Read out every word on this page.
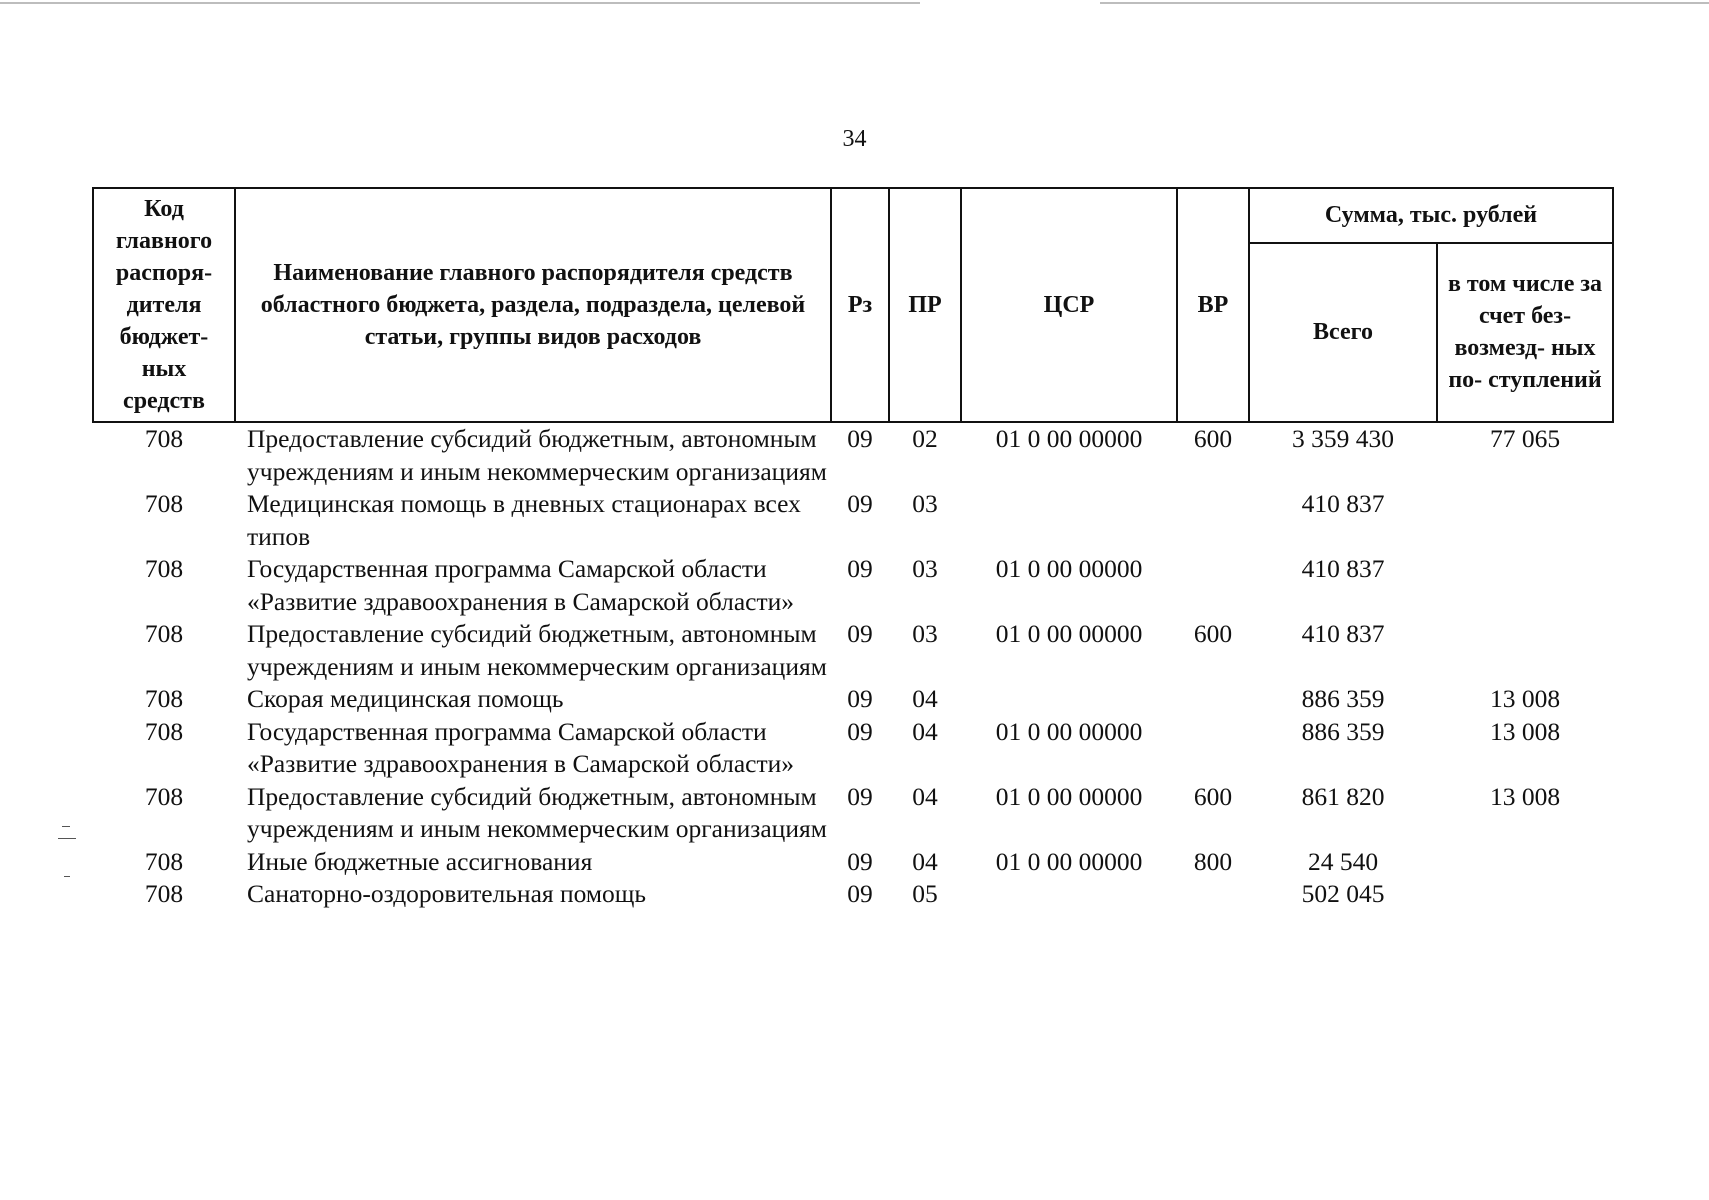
34
Код главного распоря- дителя бюджет- ных средств	Наименование главного распорядителя средств областного бюджета, раздела, подраздела, целевой статьи, группы видов расходов	Рз	ПР	ЦСР	ВР	Сумма, тыс. рублей	
						Всего	в том числе за счет без- возмезд- ных по- ступлений
708	Предоставление субсидий бюджетным, автономным учреждениям и иным некоммерческим организациям	09	02	01 0 00 00000	600	3 359 430	77 065
708	Медицинская помощь в дневных стационарах всех типов	09	03			410 837	
708	Государственная программа Самарской области «Развитие здравоохранения в Самарской области»	09	03	01 0 00 00000		410 837	
708	Предоставление субсидий бюджетным, автономным учреждениям и иным некоммерческим организациям	09	03	01 0 00 00000	600	410 837	
708	Скорая медицинская помощь	09	04			886 359	13 008
708	Государственная программа Самарской области «Развитие здравоохранения в Самарской области»	09	04	01 0 00 00000		886 359	13 008
708	Предоставление субсидий бюджетным, автономным учреждениям и иным некоммерческим организациям	09	04	01 0 00 00000	600	861 820	13 008
708	Иные бюджетные ассигнования	09	04	01 0 00 00000	800	24 540	
708	Санаторно-оздоровительная помощь	09	05			502 045	
